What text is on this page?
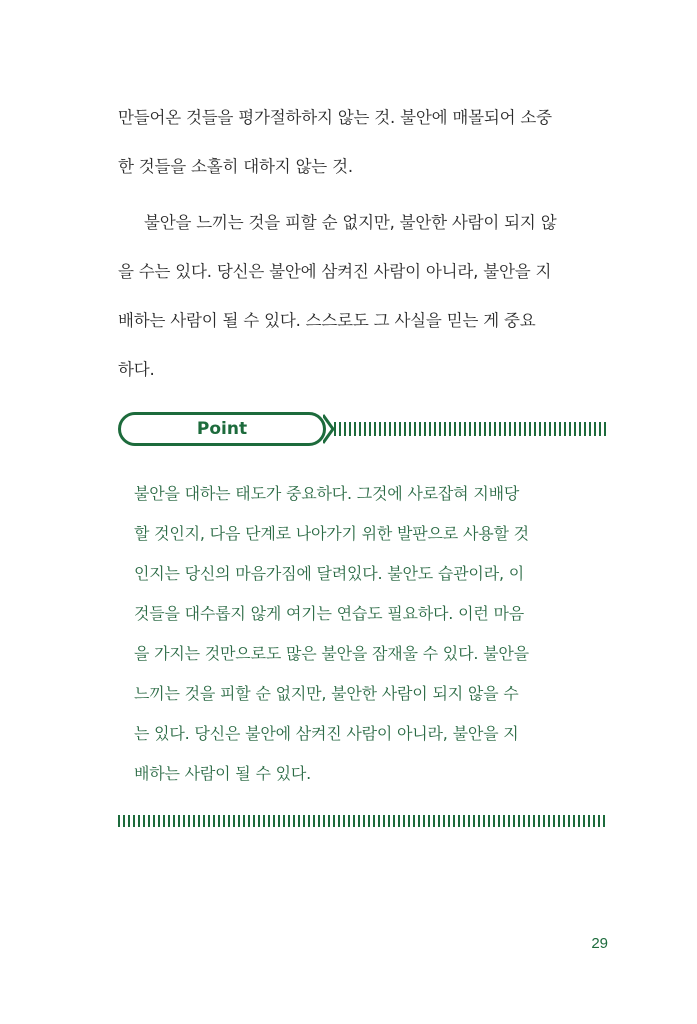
만들어온 것들을 평가절하하지 않는 것. 불안에 매몰되어 소중
한 것들을 소홀히 대하지 않는 것.
불안을 느끼는 것을 피할 순 없지만, 불안한 사람이 되지 않
을 수는 있다. 당신은 불안에 삼켜진 사람이 아니라, 불안을 지
배하는 사람이 될 수 있다. 스스로도 그 사실을 믿는 게 중요
하다.
Point
불안을 대하는 태도가 중요하다. 그것에 사로잡혀 지배당
할 것인지, 다음 단계로 나아가기 위한 발판으로 사용할 것
인지는 당신의 마음가짐에 달려있다. 불안도 습관이라, 이
것들을 대수롭지 않게 여기는 연습도 필요하다. 이런 마음
을 가지는 것만으로도 많은 불안을 잠재울 수 있다. 불안을
느끼는 것을 피할 순 없지만, 불안한 사람이 되지 않을 수
는 있다. 당신은 불안에 삼켜진 사람이 아니라, 불안을 지
배하는 사람이 될 수 있다.
29
